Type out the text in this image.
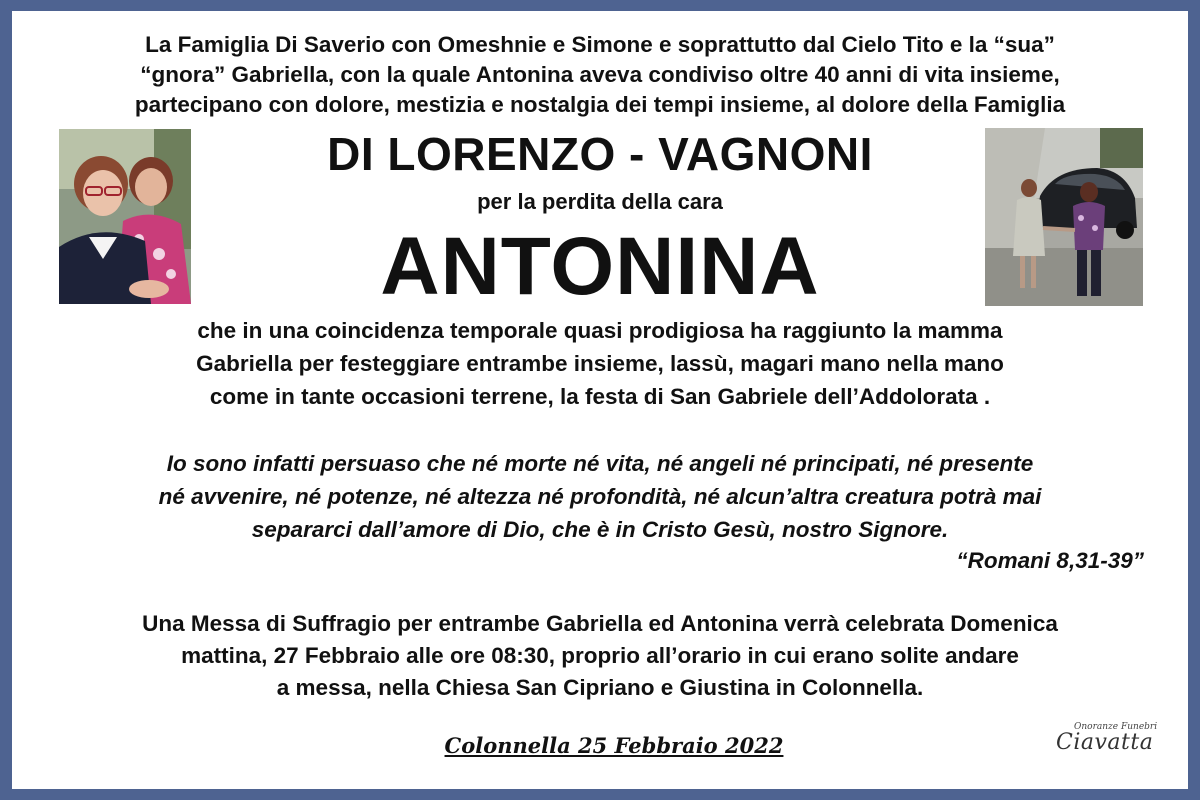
La Famiglia Di Saverio con Omeshnie e Simone e soprattutto dal Cielo Tito e la “sua”
“gnora” Gabriella, con la quale Antonina aveva condiviso oltre 40 anni di vita insieme,
partecipano con dolore, mestizia e nostalgia dei tempi insieme, al dolore della Famiglia
DI LORENZO - VAGNONI
per la perdita della cara
ANTONINA
che in una coincidenza temporale quasi prodigiosa ha raggiunto la mamma
Gabriella per festeggiare entrambe insieme, lassù, magari mano nella mano
come in tante occasioni terrene, la festa di San Gabriele dell’Addolorata .
Io sono infatti persuaso che né morte né vita, né angeli né principati, né presente
né avvenire, né potenze, né altezza né profondità, né alcun’altra creatura potrà mai
separarci dall’amore di Dio, che è in Cristo Gesù, nostro Signore.
“Romani 8,31-39”
Una Messa di Suffragio per entrambe Gabriella ed Antonina verrà celebrata Domenica
mattina, 27 Febbraio alle ore 08:30, proprio all’orario in cui erano solite andare
a messa, nella Chiesa San Cipriano e Giustina in Colonnella.
Colonnella 25 Febbraio 2022
Onoranze Funebri
Ciavatta
